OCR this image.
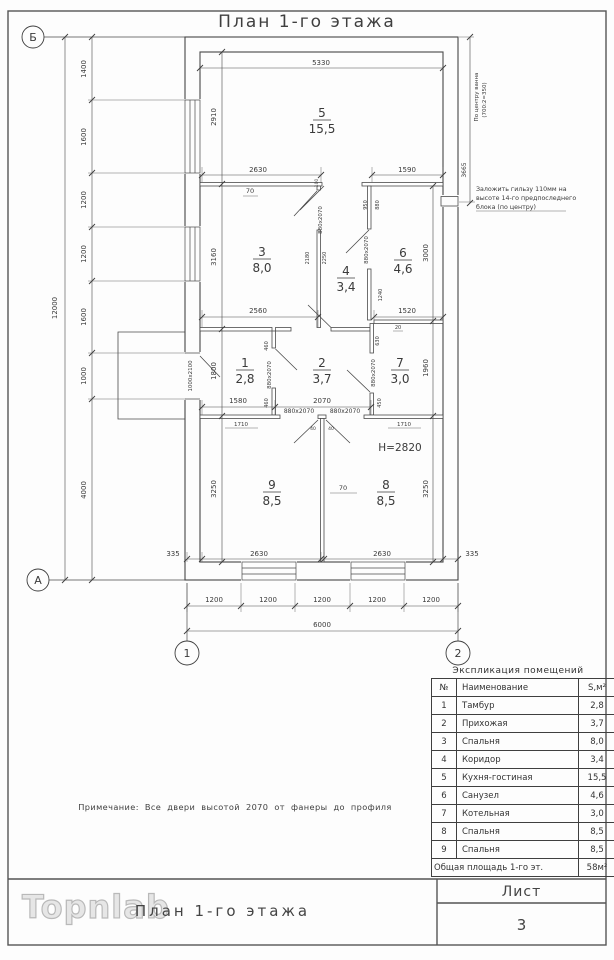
5330
2630	1590
70
2560	1520
20
1580	2070
880х2070	880х2070
1710	1710
40	40
70
H=2820
335	2630	2630	335
1200	1200	1200	1200	1200
6000
12000
1400
1600
1200
1200
1600
1000
4000
2910
3160
1800
3250
1000х2100
3000
1960
3250
2180 2250
880х2070
880х2070
880х2070
880х2070
950 880
1240
630
450
460
460
100
3665
По центру ванна (700:2=350)
Заложить гильзу 110мм на
высоте 14-го предпоследнего
блока (по центру)
5
15,5
3
8,0	4
3,4
6
4,6
1
2,8
2
3,7
7
3,0
9
8,5
8
8,5
Б
А
1	2
План 1-го этажа
Примечание: Все двери высотой 2070 от фанеры до профиля
Экспликация помещений
№	Наименование	S,м²
1	Тамбур	2,8
2	Прихожая	3,7
3	Спальня	8,0
4	Коридор	3,4
5	Кухня-гостиная	15,5
6	Санузел	4,6
7	Котельная	3,0
8	Спальня	8,5
9	Спальня	8,5
Общая площадь 1-го эт.		58м²
Topnlab
План 1-го этажа
Лист
3
